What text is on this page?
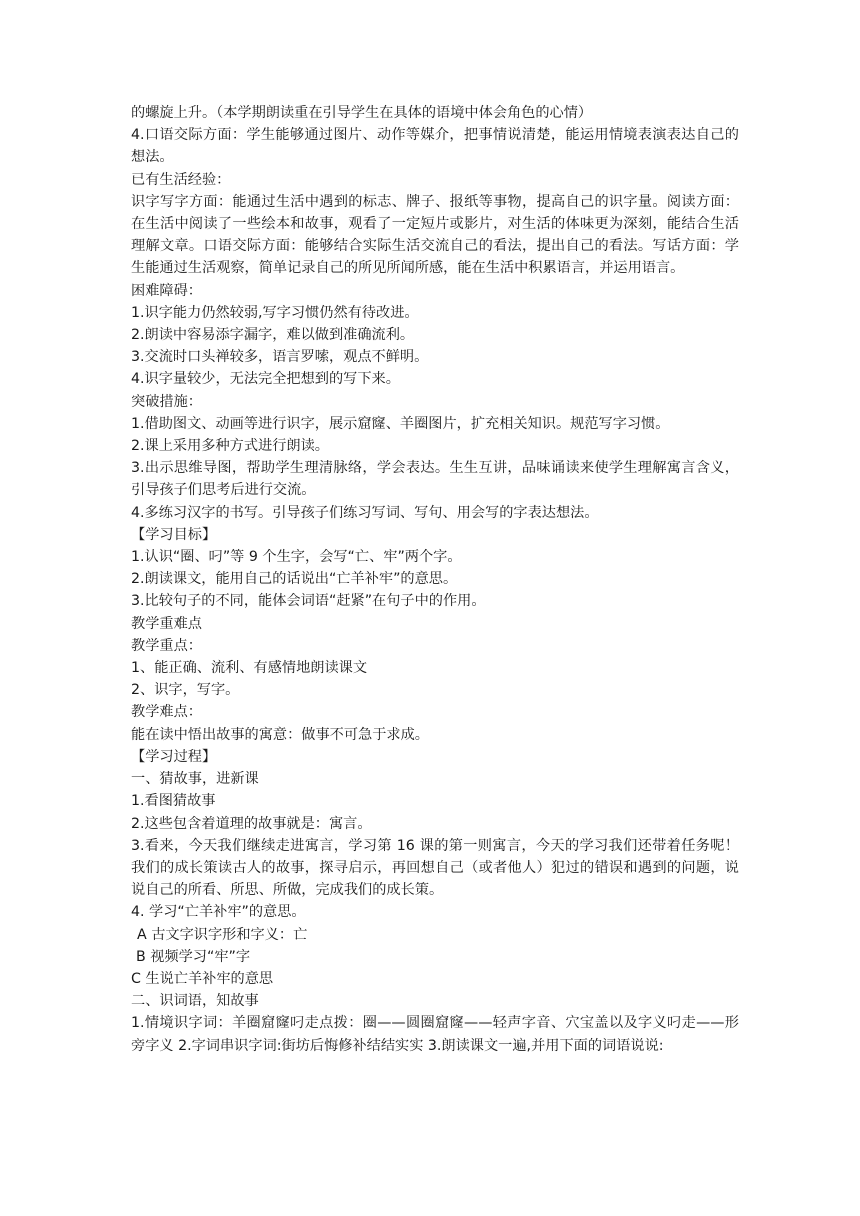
的螺旋上升。（本学期朗读重在引导学生在具体的语境中体会角色的心情）

4.口语交际方面：学生能够通过图片、动作等媒介，把事情说清楚，能运用情境表演表达自己的想法。

已有生活经验：

识字写字方面：能通过生活中遇到的标志、牌子、报纸等事物，提高自己的识字量。阅读方面：在生活中阅读了一些绘本和故事，观看了一定短片或影片，对生活的体味更为深刻，能结合生活理解文章。口语交际方面：能够结合实际生活交流自己的看法，提出自己的看法。写话方面：学生能通过生活观察，简单记录自己的所见所闻所感，能在生活中积累语言，并运用语言。

困难障碍：

1.识字能力仍然较弱,写字习惯仍然有待改进。

2.朗读中容易添字漏字，难以做到准确流利。

3.交流时口头禅较多，语言罗嗦，观点不鲜明。

4.识字量较少，无法完全把想到的写下来。

突破措施：

1.借助图文、动画等进行识字，展示窟窿、羊圈图片，扩充相关知识。规范写字习惯。

2.课上采用多种方式进行朗读。

3.出示思维导图，帮助学生理清脉络，学会表达。生生互讲，品味诵读来使学生理解寓言含义，引导孩子们思考后进行交流。

4.多练习汉字的书写。引导孩子们练习写词、写句、用会写的字表达想法。

【学习目标】

1.认识“圈、叼”等 9 个生字，会写“亡、牢”两个字。

2.朗读课文，能用自己的话说出“亡羊补牢”的意思。

3.比较句子的不同，能体会词语“赶紧”在句子中的作用。

教学重难点

教学重点：

1、能正确、流利、有感情地朗读课文

2、识字，写字。

教学难点：

能在读中悟出故事的寓意：做事不可急于求成。

【学习过程】

一、猜故事，进新课

1.看图猜故事

2.这些包含着道理的故事就是：寓言。

3.看来，今天我们继续走进寓言，学习第 16 课的第一则寓言，今天的学习我们还带着任务呢！我们的成长策读古人的故事，探寻启示，再回想自己（或者他人）犯过的错误和遇到的问题，说说自己的所看、所思、所做，完成我们的成长策。

4. 学习“亡羊补牢”的意思。

A 古文字识字形和字义：亡

B 视频学习“牢”字

C 生说亡羊补牢的意思

二、识词语，知故事

1.情境识字词：羊圈窟窿叼走点拨：圈——圆圈窟窿——轻声字音、穴宝盖以及字义叼走——形旁字义 2.字词串识字词:街坊后悔修补结结实实 3.朗读课文一遍,并用下面的词语说说:
